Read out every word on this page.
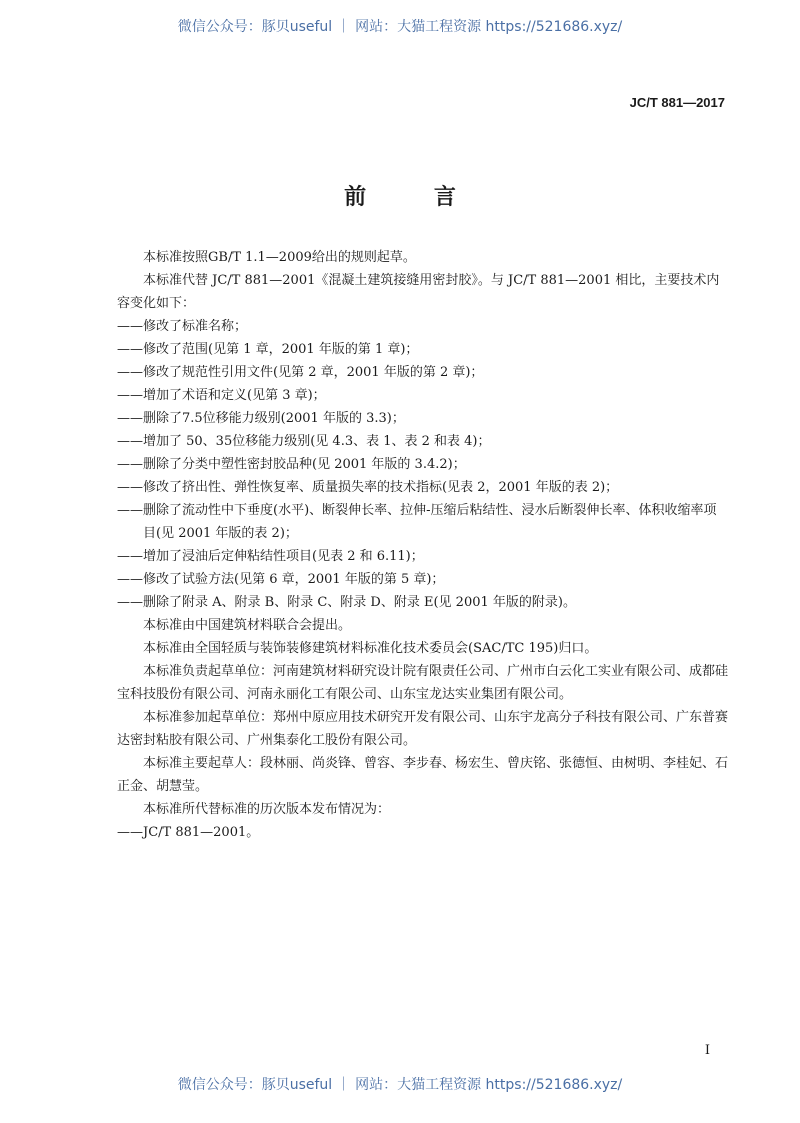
微信公众号：豚贝useful ｜ 网站：大猫工程资源 https://521686.xyz/
JC/T 881—2017
前 言

本标准按照GB/T 1.1—2009给出的规则起草。

本标准代替 JC/T 881—2001《混凝土建筑接缝用密封胶》。与 JC/T 881—2001 相比，主要技术内容变化如下：

——修改了标准名称；

——修改了范围(见第 1 章，2001 年版的第 1 章)；

——修改了规范性引用文件(见第 2 章，2001 年版的第 2 章)；

——增加了术语和定义(见第 3 章)；

——删除了7.5位移能力级别(2001 年版的 3.3)；

——增加了 50、35位移能力级别(见 4.3、表 1、表 2 和表 4)；

——删除了分类中塑性密封胶品种(见 2001 年版的 3.4.2)；

——修改了挤出性、弹性恢复率、质量损失率的技术指标(见表 2，2001 年版的表 2)；

——删除了流动性中下垂度(水平)、断裂伸长率、拉伸-压缩后粘结性、浸水后断裂伸长率、体积收缩率项目(见 2001 年版的表 2)；

——增加了浸油后定伸粘结性项目(见表 2 和 6.11)；

——修改了试验方法(见第 6 章，2001 年版的第 5 章)；

——删除了附录 A、附录 B、附录 C、附录 D、附录 E(见 2001 年版的附录)。

本标准由中国建筑材料联合会提出。

本标准由全国轻质与装饰装修建筑材料标准化技术委员会(SAC/TC 195)归口。

本标准负责起草单位：河南建筑材料研究设计院有限责任公司、广州市白云化工实业有限公司、成都硅宝科技股份有限公司、河南永丽化工有限公司、山东宝龙达实业集团有限公司。

本标准参加起草单位：郑州中原应用技术研究开发有限公司、山东宇龙高分子科技有限公司、广东普赛达密封粘胶有限公司、广州集泰化工股份有限公司。

本标准主要起草人：段林丽、尚炎锋、曾容、李步春、杨宏生、曾庆铭、张德恒、由树明、李桂妃、石正金、胡慧莹。

本标准所代替标准的历次版本发布情况为：

——JC/T 881—2001。

I
微信公众号：豚贝useful ｜ 网站：大猫工程资源 https://521686.xyz/
